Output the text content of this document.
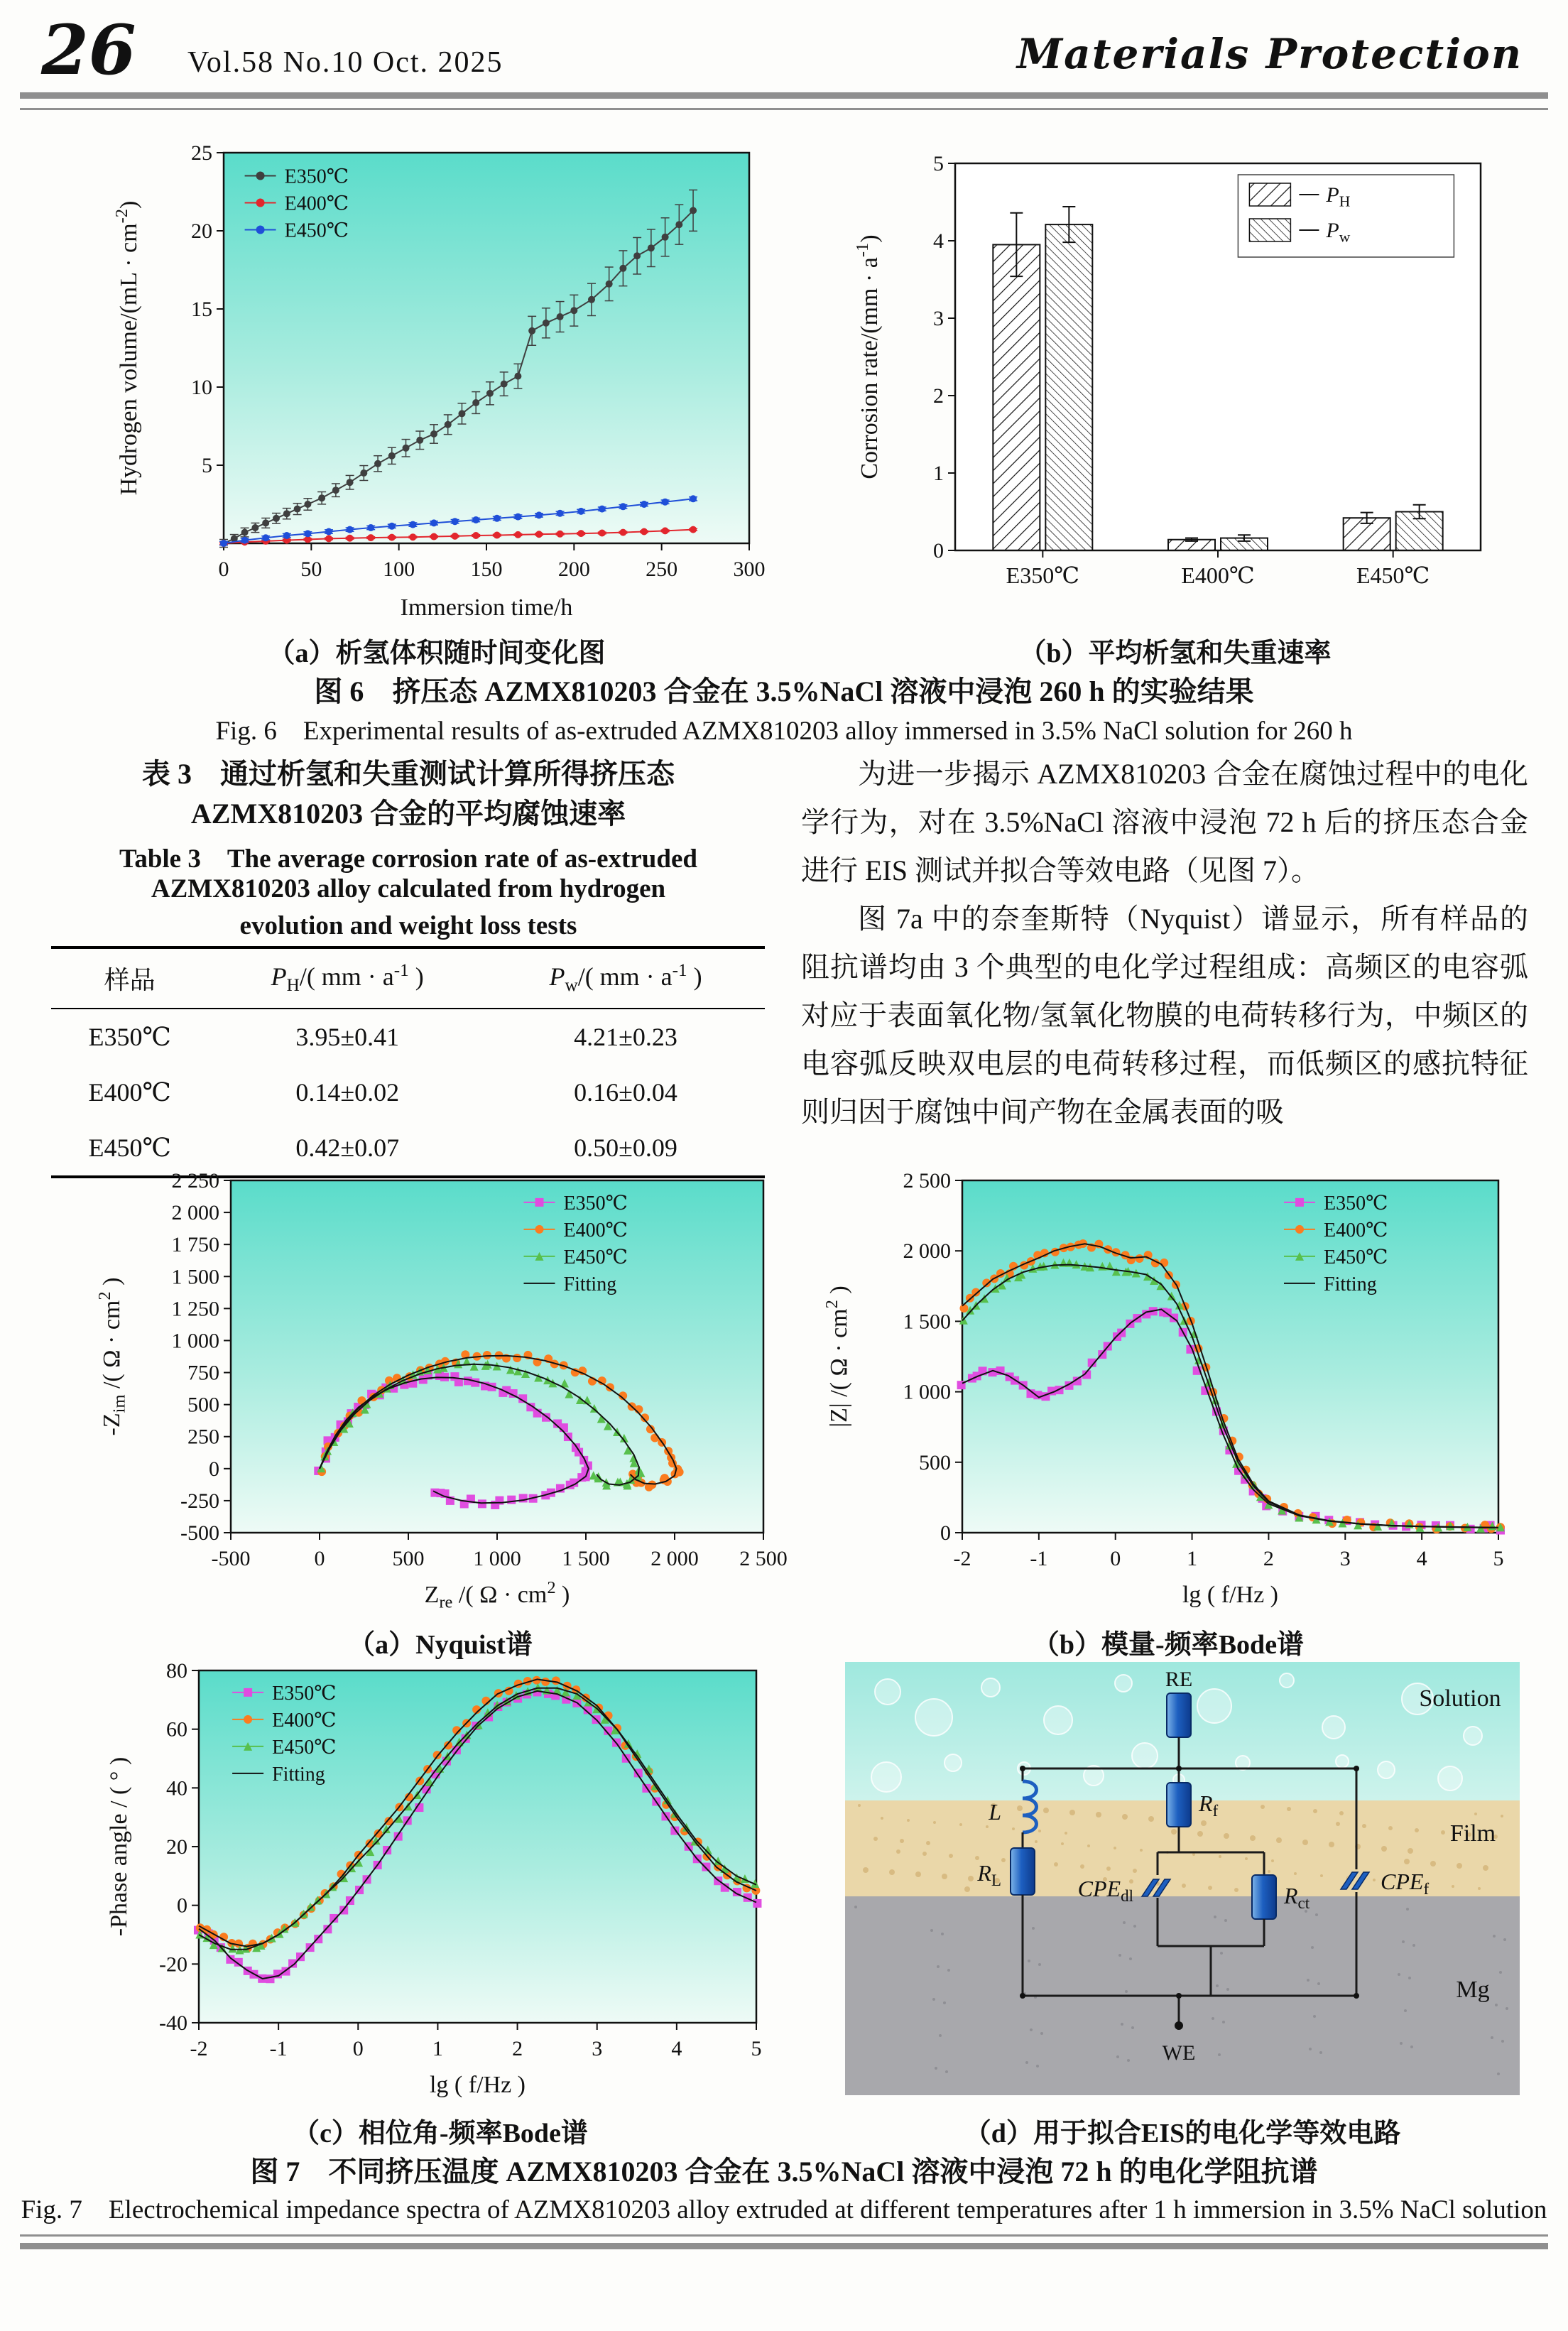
26 Vol.58 No.10 Oct. 2025	Materials Protection
0	50	100	150	200	250	300
5
10
15
20
25
Immersion time/h
Hydrogen volume/(mL · $cm^{-2}$)
E350℃
E400℃
E450℃
0
1
2
3
4
5
E350℃	E400℃	E450℃
Corrosion rate/(mm · $a^{-1}$)
$P_H$
$P_w$
（a）析氢体积随时间变化图	（b）平均析氢和失重速率
图 6　挤压态 AZMX810203 合金在 3.5%NaCl 溶液中浸泡 260 h 的实验结果
Fig. 6　Experimental results of as-extruded AZMX810203 alloy immersed in 3.5% NaCl solution for 260 h
表 3　通过析氢和失重测试计算所得挤压态
AZMX810203 合金的平均腐蚀速率
Table 3　The average corrosion rate of as-extruded
AZMX810203 alloy calculated from hydrogen
evolution and weight loss tests
样品	$P_H/$( mm · $a^{-1}$ )	$P_w/$( mm · $a^{-1}$ )
E350℃	3.95±0.41	4.21±0.23
E400℃	0.14±0.02	0.16±0.04
E450℃	0.42±0.07	0.50±0.09

为进一步揭示 AZMX810203 合金在腐蚀过程中的电化学行为，对在 3.5%NaCl 溶液中浸泡 72 h 后的挤压态合金进行 EIS 测试并拟合等效电路（见图 7）。

图 7a 中的奈奎斯特（Nyquist）谱显示，所有样品的阻抗谱均由 3 个典型的电化学过程组成：高频区的电容弧对应于表面氧化物/氢氧化物膜的电荷转移行为，中频区的电容弧反映双电层的电荷转移过程，而低频区的感抗特征则归因于腐蚀中间产物在金属表面的吸

-500	0	500 1 000 1 500 2 000 2 500
-500
-250
0
250
500
750
1 000
1 250
1 500
1 750
2 000
2 250
$Z_{re}$ /( $\Omega \cdot cm^2$ )
$-Z_{im}$ /( $\Omega \cdot cm^2$ )
E350℃
E400℃
E450℃
Fitting
-2	-1	0	1	2	3	4	5
0
500
1 000
1 500
2 000
2 500
lg ( f/Hz )
|Z| /( $\Omega \cdot cm^2$ )
E350℃
E400℃
E450℃
Fitting
（a）Nyquist谱	（b）模量-频率Bode谱
-2	-1	0	1	2	3	4	5
-40
-20
0
20
40
60
80
lg ( f/Hz )
-Phase angle / ( ° )
E350℃
E400℃
E450℃
Fitting
RE
L
$R_L$
$R_f$
$CPE_{dl}$	$R_{ct}$
$CPE_f$
WE
Solution
Film
Mg
（c）相位角-频率Bode谱	（d）用于拟合EIS的电化学等效电路
图 7　不同挤压温度 AZMX810203 合金在 3.5%NaCl 溶液中浸泡 72 h 的电化学阻抗谱
Fig. 7　Electrochemical impedance spectra of AZMX810203 alloy extruded at different temperatures after 1 h immersion in 3.5% NaCl solution
